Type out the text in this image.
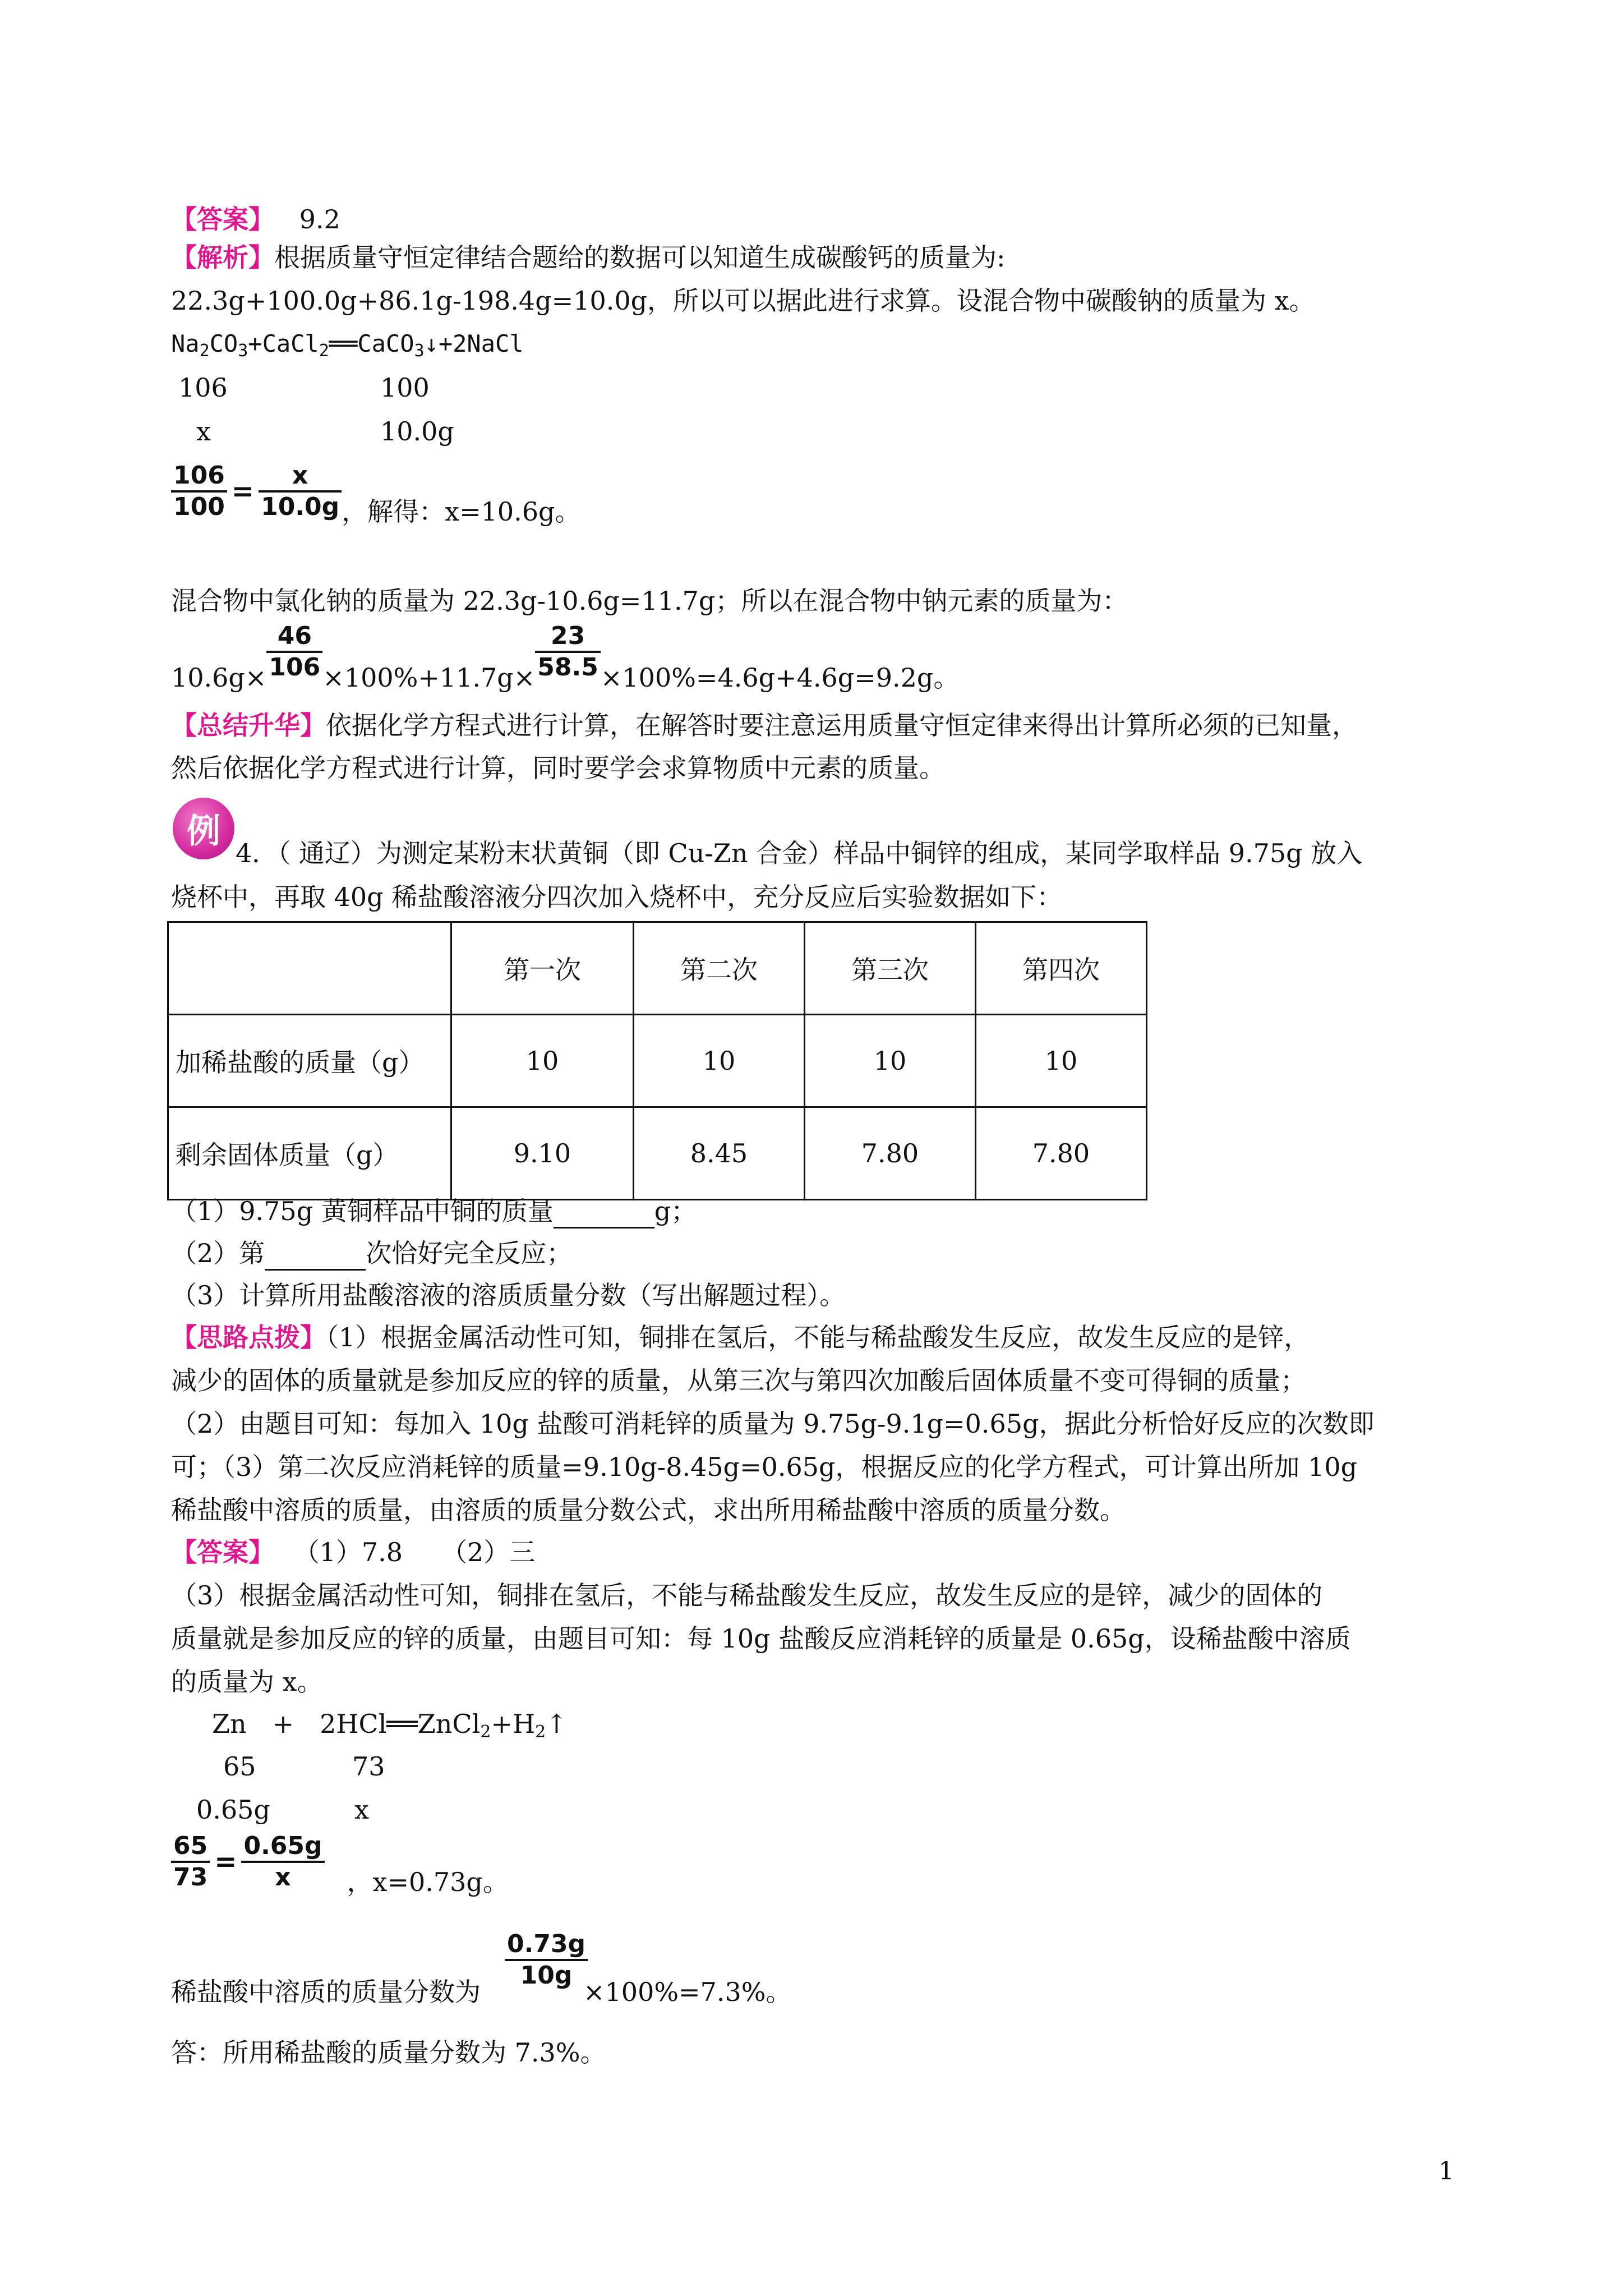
【答案】 9.2
【解析】根据质量守恒定律结合题给的数据可以知道生成碳酸钙的质量为:
22.3g+100.0g+86.1g-198.4g=10.0g，所以可以据此进行求算。设混合物中碳酸钠的质量为 x。
$Na_2CO_3+CaCl_2══CaCO_3↓+2NaCl$
106	100
x	10.0g
$\frac{106}{100} = \frac{x}{10.0g}$ ，解得：x=10.6g。
混合物中氯化钠的质量为 22.3g-10.6g=11.7g；所以在混合物中钠元素的质量为：
$10.6g\times \frac{46}{106} \times 100\%+11.7g\times \frac{23}{58.5} \times 100\%=4.6g+4.6g=9.2g$。
【总结升华】依据化学方程式进行计算，在解答时要注意运用质量守恒定律来得出计算所必须的已知量，
然后依据化学方程式进行计算，同时要学会求算物质中元素的质量。
例
4．（ 通辽）为测定某粉末状黄铜（即 Cu-Zn 合金）样品中铜锌的组成，某同学取样品 9.75g 放入
烧杯中，再取 40g 稀盐酸溶液分四次加入烧杯中，充分反应后实验数据如下：
	第一次	第二次	第三次	第四次
加稀盐酸的质量（g）	10	10	10	10
剩余固体质量（g）	9.10	8.45	7.80	7.80
（1）9.75g 黄铜样品中铜的质量	g；
（2）第	次恰好完全反应；
（3）计算所用盐酸溶液的溶质质量分数（写出解题过程）。
【思路点拨】（1）根据金属活动性可知，铜排在氢后，不能与稀盐酸发生反应，故发生反应的是锌，
减少的固体的质量就是参加反应的锌的质量，从第三次与第四次加酸后固体质量不变可得铜的质量；
（2）由题目可知：每加入 10g 盐酸可消耗锌的质量为 9.75g-9.1g=0.65g，据此分析恰好反应的次数即
可；（3）第二次反应消耗锌的质量=9.10g-8.45g=0.65g，根据反应的化学方程式，可计算出所加 10g
稀盐酸中溶质的质量，由溶质的质量分数公式，求出所用稀盐酸中溶质的质量分数。
【答案】 （1）7.8　　（2）三
（3）根据金属活动性可知，铜排在氢后，不能与稀盐酸发生反应，故发生反应的是锌，减少的固体的
质量就是参加反应的锌的质量，由题目可知：每 10g 盐酸反应消耗锌的质量是 0.65g，设稀盐酸中溶质
的质量为 x。
Zn　+　$2HCl══ZnCl_2+H_2↑$
65	73
0.65g	x
$\frac{65}{73} = \frac{0.65g}{x}$ ，x=0.73g。
$\frac{0.73g}{10g}$
稀盐酸中溶质的质量分数为	×100%=7.3%。
答：所用稀盐酸的质量分数为 7.3%。
1
